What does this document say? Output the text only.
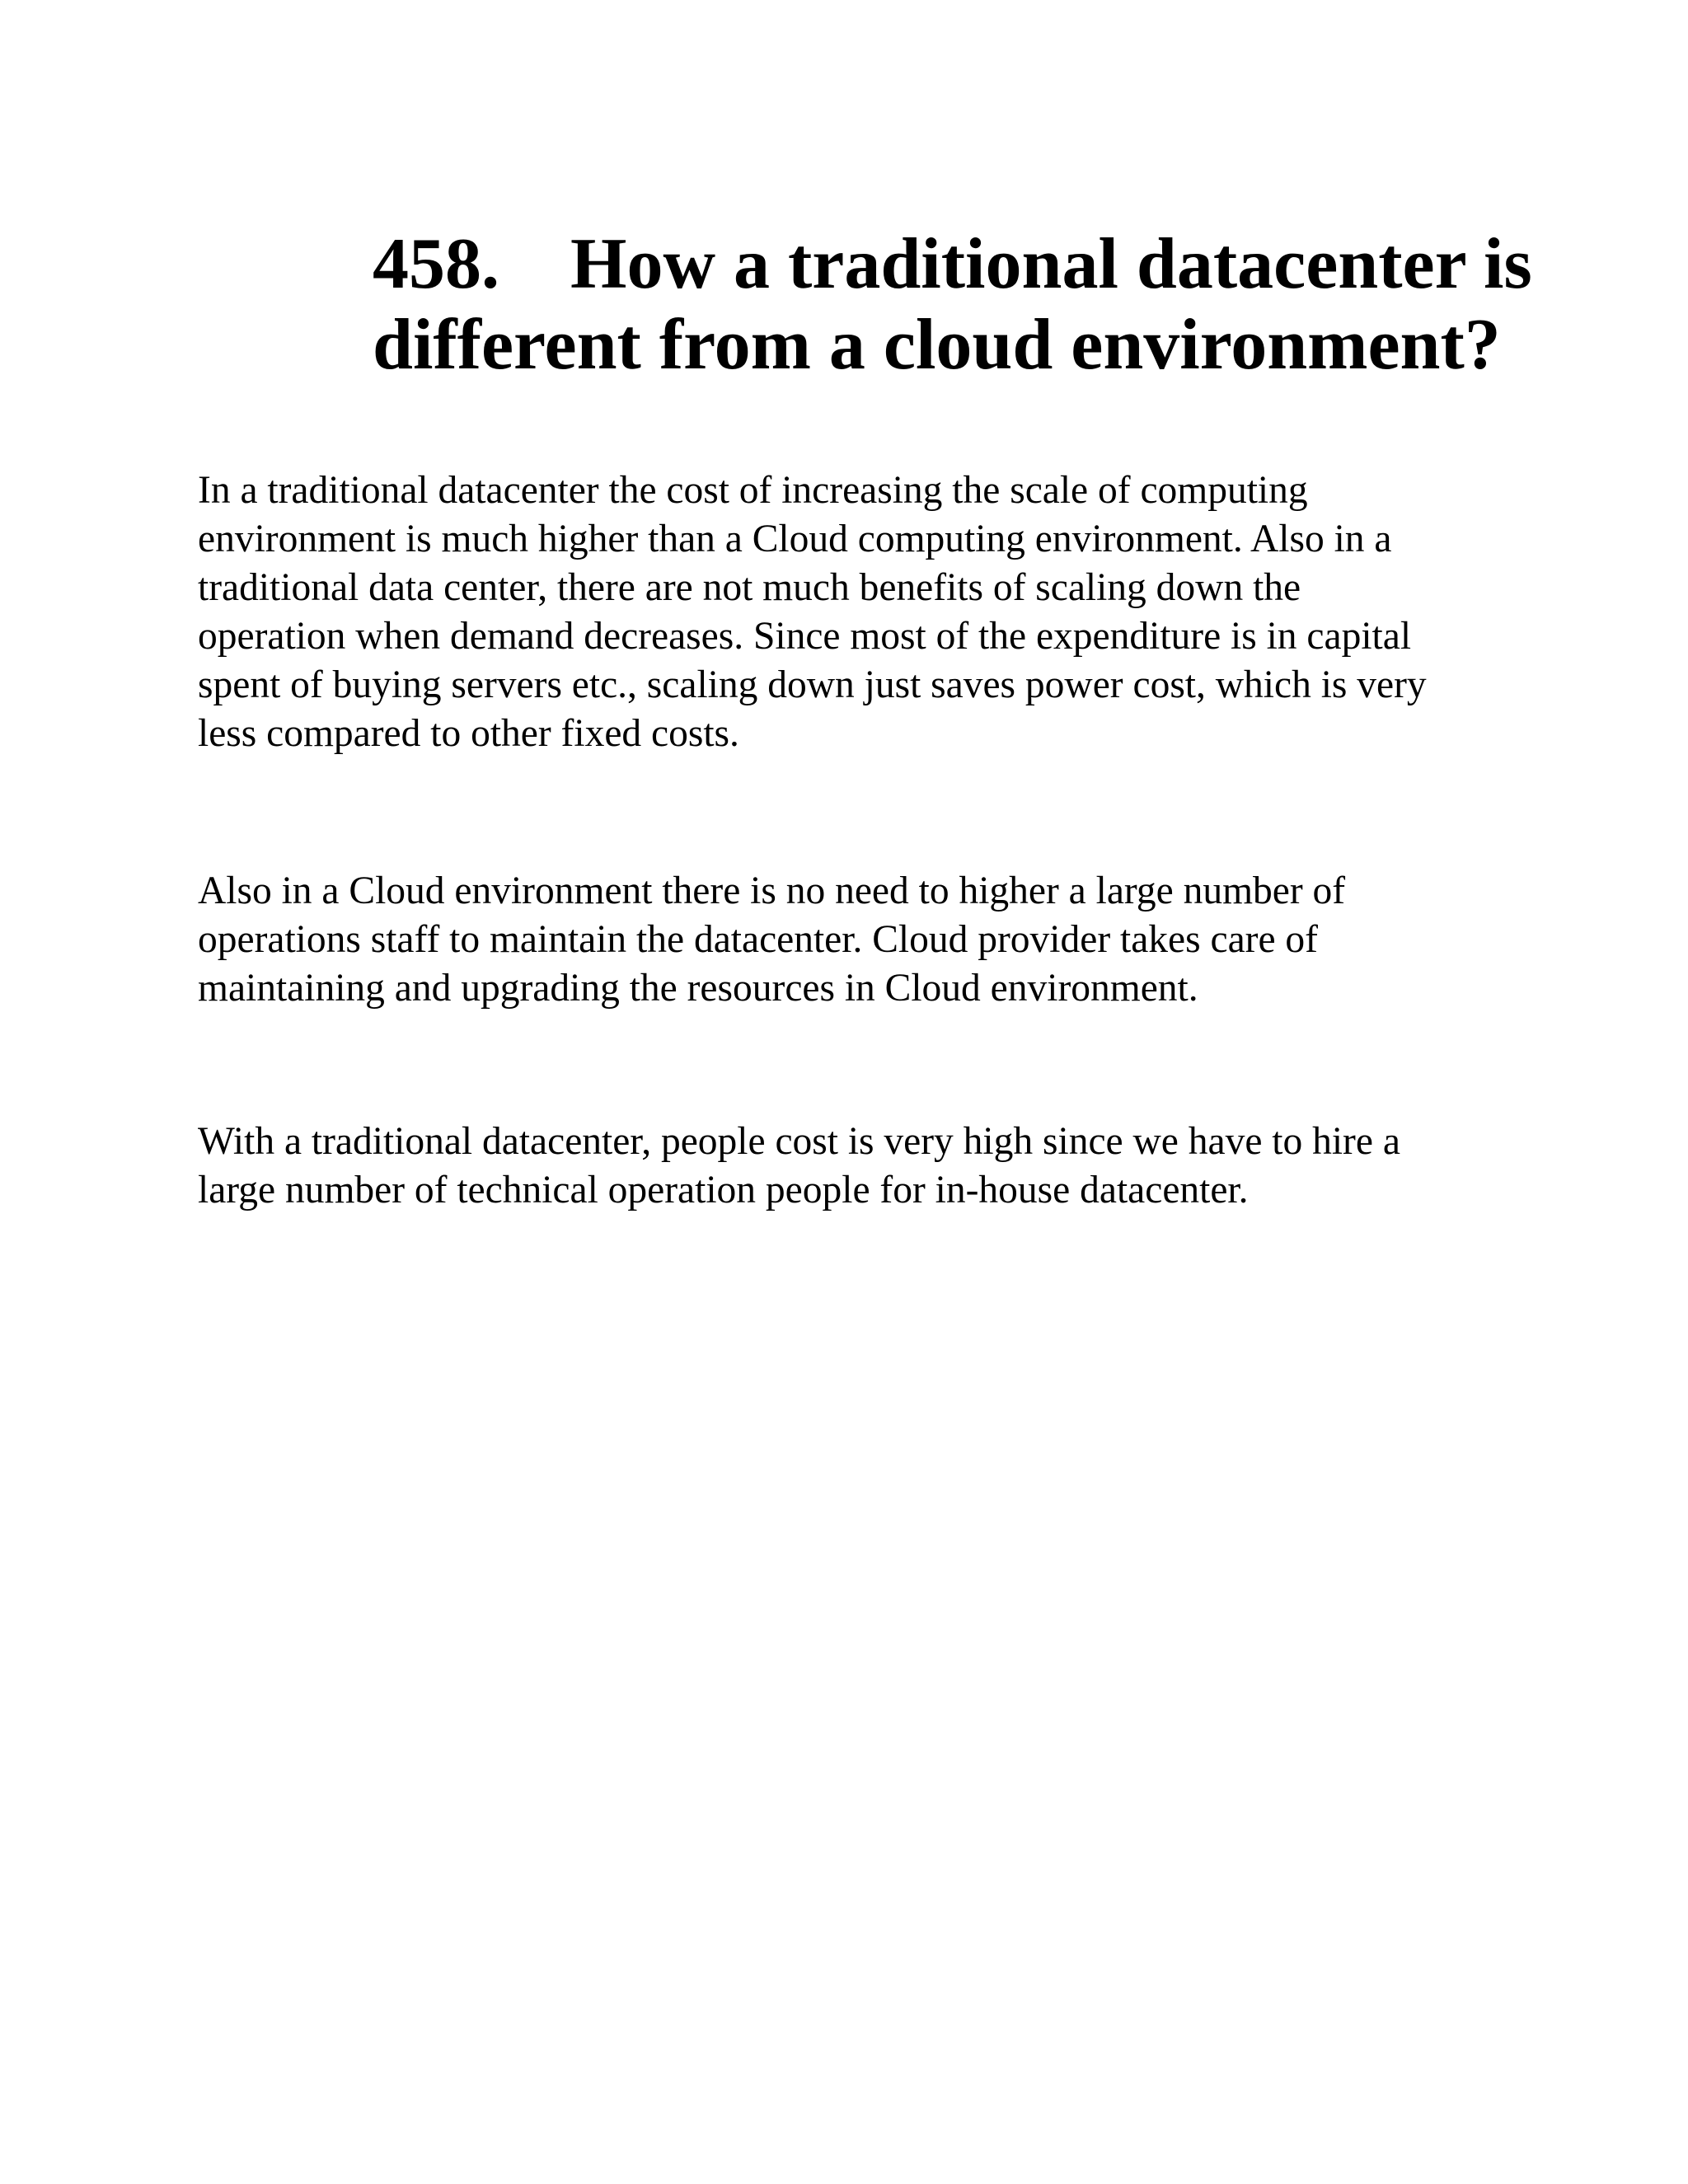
458. How a traditional datacenter is
different from a cloud environment?

In a traditional datacenter the cost of increasing the scale of computing
environment is much higher than a Cloud computing environment. Also in a
traditional data center, there are not much benefits of scaling down the
operation when demand decreases. Since most of the expenditure is in capital
spent of buying servers etc., scaling down just saves power cost, which is very
less compared to other fixed costs.

Also in a Cloud environment there is no need to higher a large number of
operations staff to maintain the datacenter. Cloud provider takes care of
maintaining and upgrading the resources in Cloud environment.

With a traditional datacenter, people cost is very high since we have to hire a
large number of technical operation people for in-house datacenter.
